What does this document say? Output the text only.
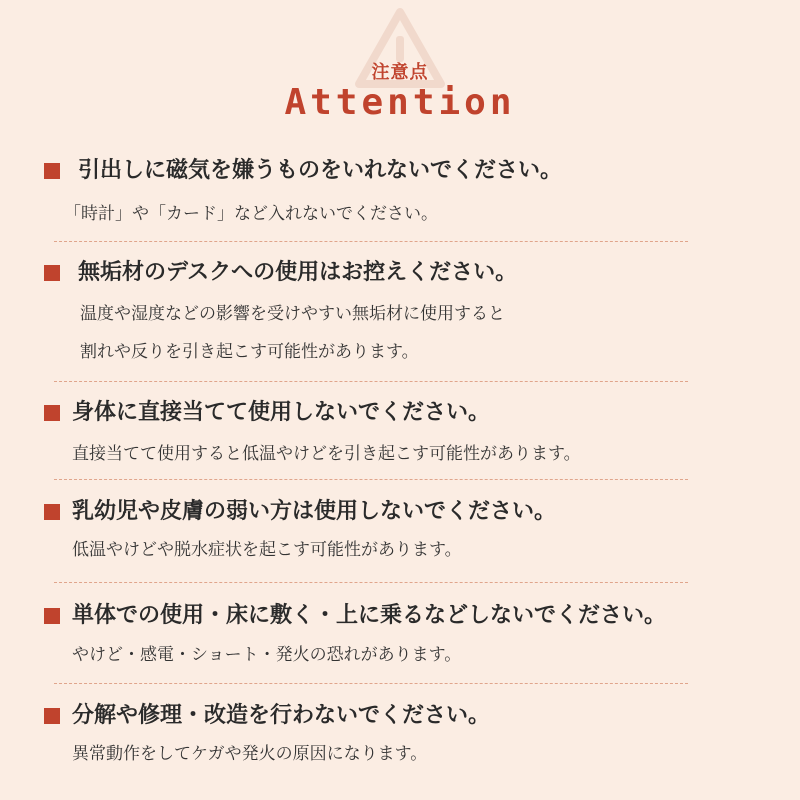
注意点
Attention
引出しに磁気を嫌うものをいれないでください。
「時計」や「カード」など入れないでください。
無垢材のデスクへの使用はお控えください。
温度や湿度などの影響を受けやすい無垢材に使用すると
割れや反りを引き起こす可能性があります。
身体に直接当てて使用しないでください。
直接当てて使用すると低温やけどを引き起こす可能性があります。
乳幼児や皮膚の弱い方は使用しないでください。
低温やけどや脱水症状を起こす可能性があります。
単体での使用・床に敷く・上に乗るなどしないでください。
やけど・感電・ショート・発火の恐れがあります。
分解や修理・改造を行わないでください。
異常動作をしてケガや発火の原因になります。
